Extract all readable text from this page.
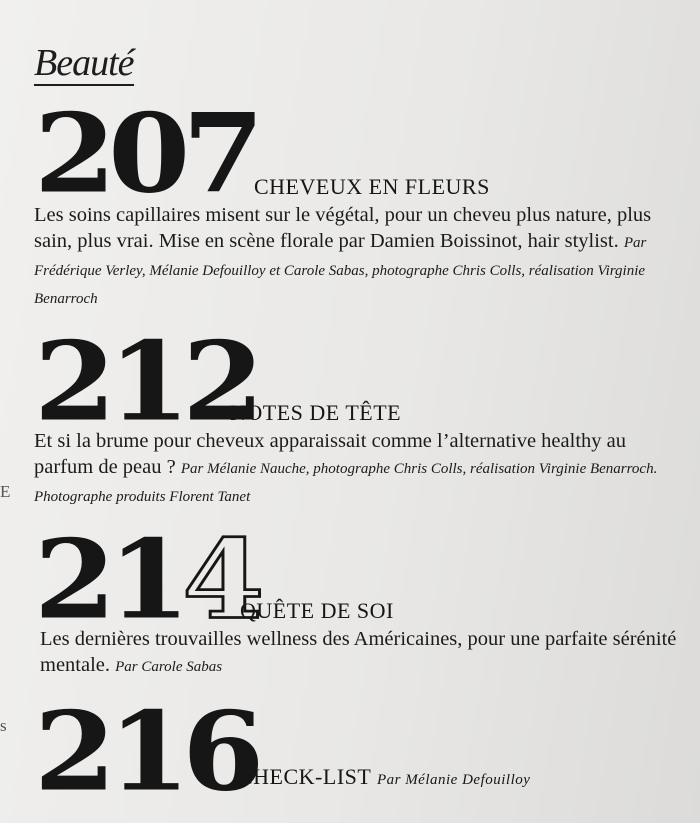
E
s
Beauté
207
CHEVEUX EN FLEURS

Les soins capillaires misent sur le végétal, pour un cheveu plus nature, plus sain, plus vrai. Mise en scène florale par Damien Boissinot, hair stylist. Par Frédérique Verley, Mélanie Defouilloy et Carole Sabas, photographe Chris Colls, réalisation Virginie Benarroch

212
NOTES DE TÊTE

Et si la brume pour cheveux apparaissait comme l’alternative healthy au parfum de peau ? Par Mélanie Nauche, photographe Chris Colls, réalisation Virginie Benarroch. Photographe produits Florent Tanet

214
QUÊTE DE SOI

Les dernières trouvailles wellness des Américaines, pour une parfaite sérénité mentale. Par Carole Sabas

216
CHECK-LIST Par Mélanie Defouilloy
